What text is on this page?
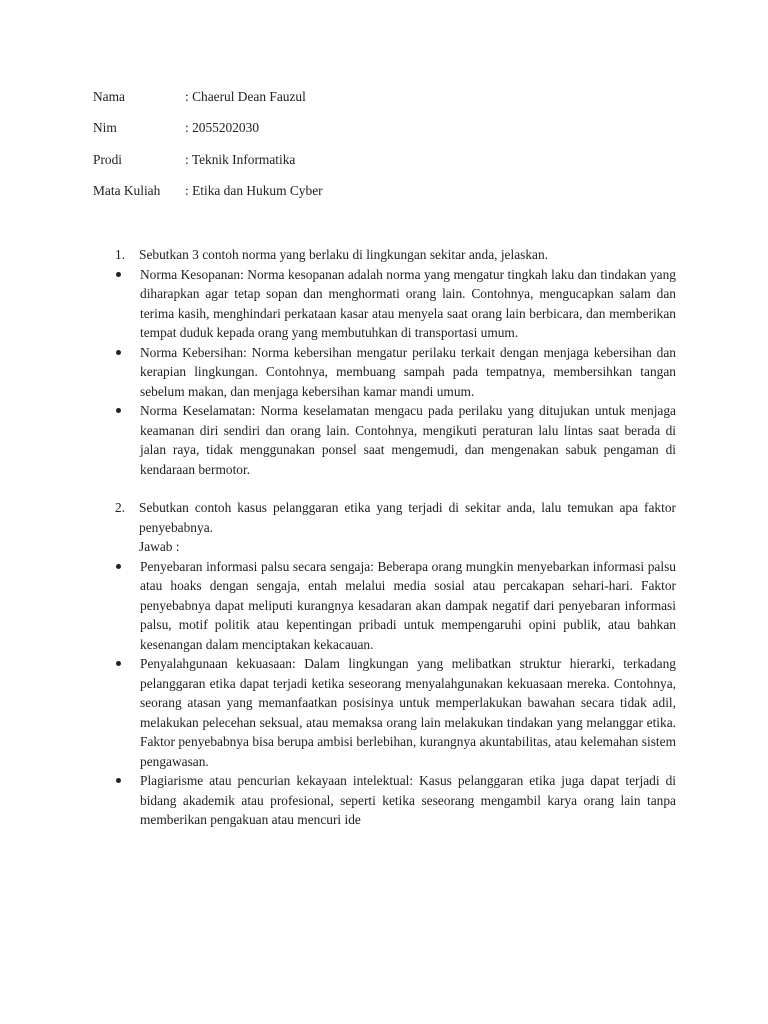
Nama	: Chaerul Dean Fauzul
Nim	: 2055202030
Prodi	: Teknik Informatika
Mata Kuliah	: Etika dan Hukum Cyber
1. Sebutkan 3 contoh norma yang berlaku di lingkungan sekitar anda, jelaskan.
Norma Kesopanan: Norma kesopanan adalah norma yang mengatur tingkah laku dan tindakan yang diharapkan agar tetap sopan dan menghormati orang lain. Contohnya, mengucapkan salam dan terima kasih, menghindari perkataan kasar atau menyela saat orang lain berbicara, dan memberikan tempat duduk kepada orang yang membutuhkan di transportasi umum.
Norma Kebersihan: Norma kebersihan mengatur perilaku terkait dengan menjaga kebersihan dan kerapian lingkungan. Contohnya, membuang sampah pada tempatnya, membersihkan tangan sebelum makan, dan menjaga kebersihan kamar mandi umum.
Norma Keselamatan: Norma keselamatan mengacu pada perilaku yang ditujukan untuk menjaga keamanan diri sendiri dan orang lain. Contohnya, mengikuti peraturan lalu lintas saat berada di jalan raya, tidak menggunakan ponsel saat mengemudi, dan mengenakan sabuk pengaman di kendaraan bermotor.
2. Sebutkan contoh kasus pelanggaran etika yang terjadi di sekitar anda, lalu temukan apa faktor penyebabnya.
Jawab :
Penyebaran informasi palsu secara sengaja: Beberapa orang mungkin menyebarkan informasi palsu atau hoaks dengan sengaja, entah melalui media sosial atau percakapan sehari-hari. Faktor penyebabnya dapat meliputi kurangnya kesadaran akan dampak negatif dari penyebaran informasi palsu, motif politik atau kepentingan pribadi untuk mempengaruhi opini publik, atau bahkan kesenangan dalam menciptakan kekacauan.
Penyalahgunaan kekuasaan: Dalam lingkungan yang melibatkan struktur hierarki, terkadang pelanggaran etika dapat terjadi ketika seseorang menyalahgunakan kekuasaan mereka. Contohnya, seorang atasan yang memanfaatkan posisinya untuk memperlakukan bawahan secara tidak adil, melakukan pelecehan seksual, atau memaksa orang lain melakukan tindakan yang melanggar etika. Faktor penyebabnya bisa berupa ambisi berlebihan, kurangnya akuntabilitas, atau kelemahan sistem pengawasan.
Plagiarisme atau pencurian kekayaan intelektual: Kasus pelanggaran etika juga dapat terjadi di bidang akademik atau profesional, seperti ketika seseorang mengambil karya orang lain tanpa memberikan pengakuan atau mencuri ide
